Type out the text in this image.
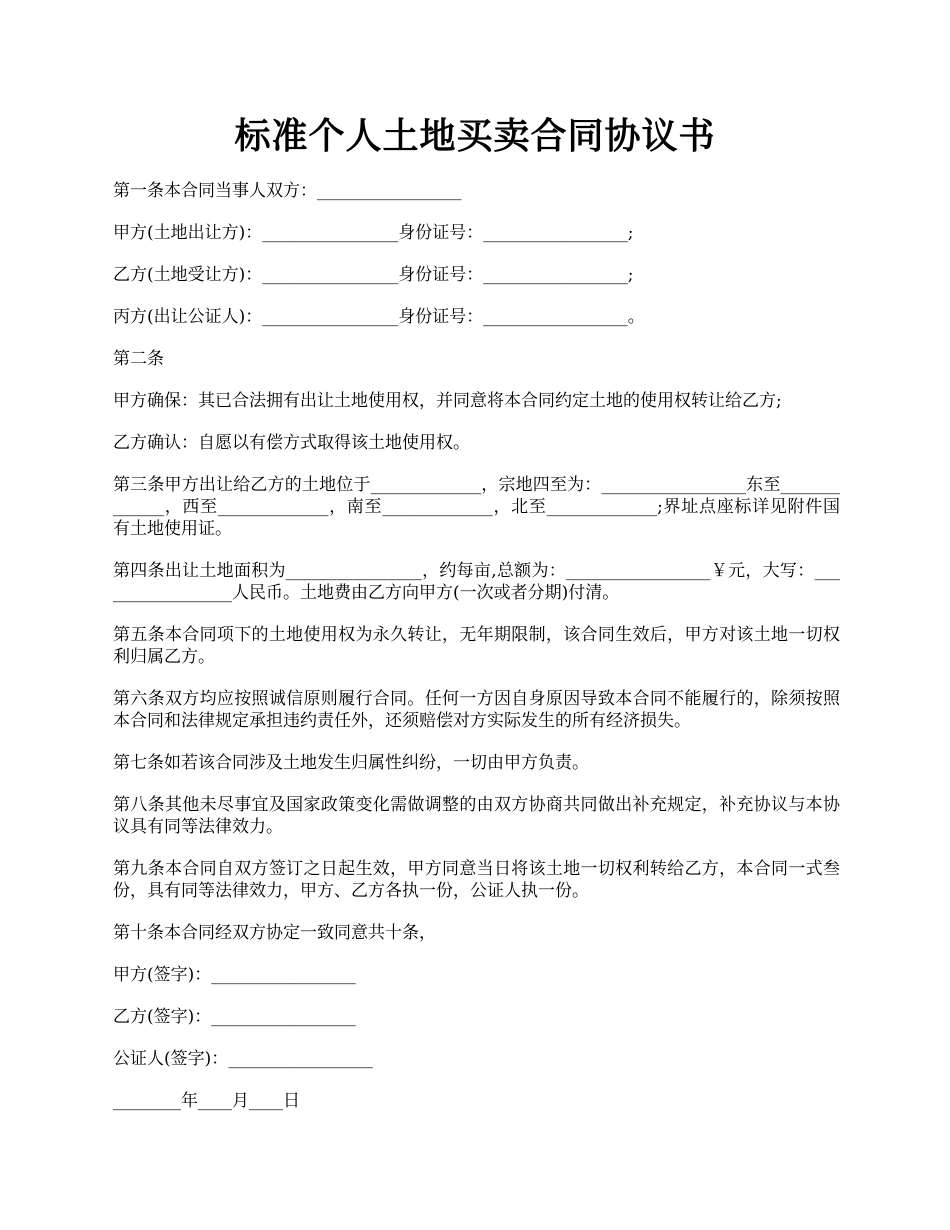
标准个人土地买卖合同协议书

第一条本合同当事人双方：_________________

甲方(土地出让方)：________________身份证号：_________________;

乙方(土地受让方)：________________身份证号：_________________;

丙方(出让公证人)：________________身份证号：_________________。

第二条

甲方确保：其已合法拥有出让土地使用权，并同意将本合同约定土地的使用权转让给乙方;

乙方确认：自愿以有偿方式取得该土地使用权。

第三条甲方出让给乙方的土地位于_____________，宗地四至为：_________________东至_____________，西至_____________，南至_____________，北至_____________;界址点座标详见附件国有土地使用证。

第四条出让土地面积为________________，约每亩,总额为：_________________￥元，大写：_________________人民币。土地费由乙方向甲方(一次或者分期)付清。

第五条本合同项下的土地使用权为永久转让，无年期限制，该合同生效后，甲方对该土地一切权利归属乙方。

第六条双方均应按照诚信原则履行合同。任何一方因自身原因导致本合同不能履行的，除须按照本合同和法律规定承担违约责任外，还须赔偿对方实际发生的所有经济损失。

第七条如若该合同涉及土地发生归属性纠纷，一切由甲方负责。

第八条其他未尽事宜及国家政策变化需做调整的由双方协商共同做出补充规定，补充协议与本协议具有同等法律效力。

第九条本合同自双方签订之日起生效，甲方同意当日将该土地一切权利转给乙方，本合同一式叁份，具有同等法律效力，甲方、乙方各执一份，公证人执一份。

第十条本合同经双方协定一致同意共十条，

甲方(签字)：_________________

乙方(签字)：_________________

公证人(签字)：_________________

________年____月____日
